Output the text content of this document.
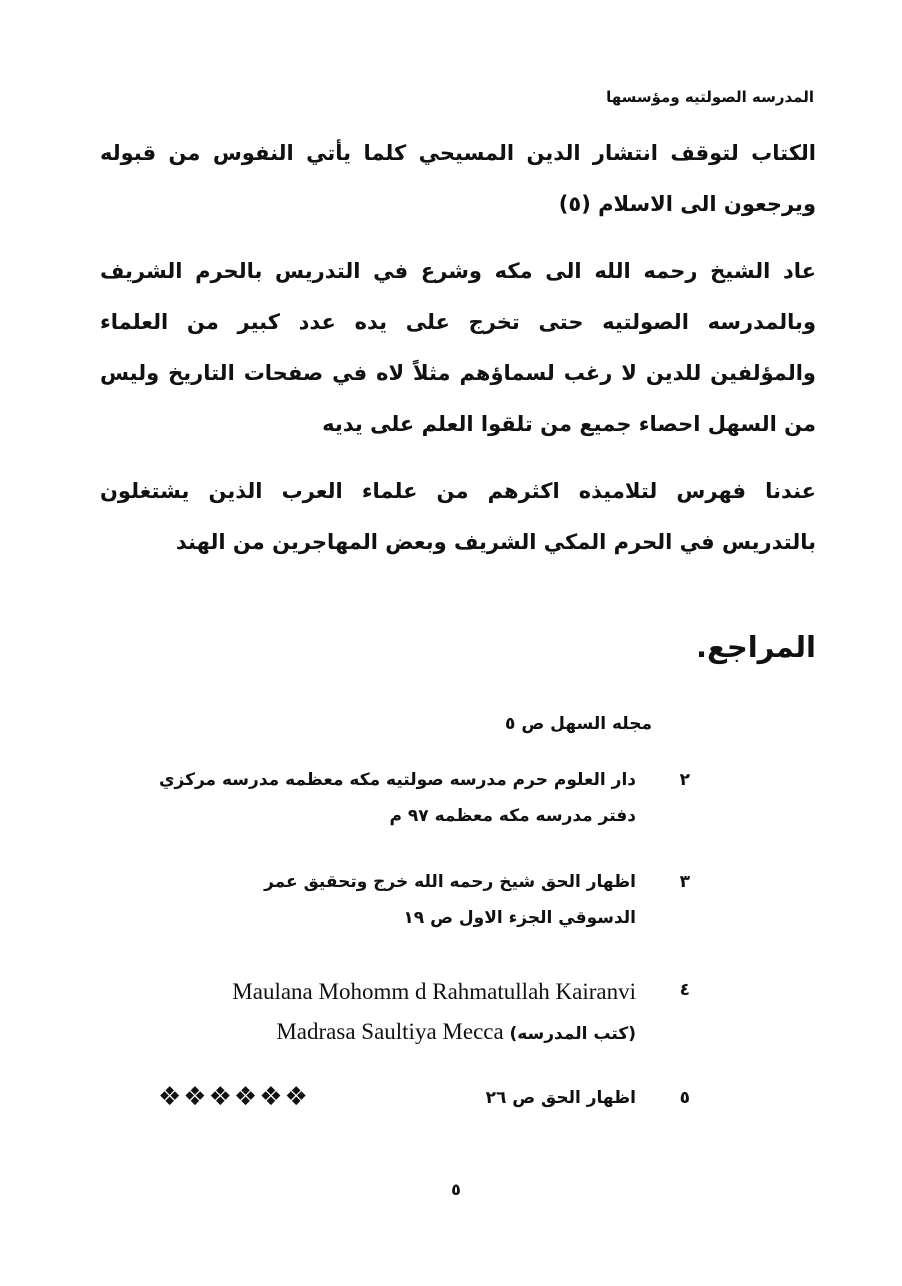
المدرسه الصولتيه ومؤسسها
الكتاب لتوقف انتشار الدين المسيحي كلما يأتي النفوس من قبوله ويرجعون الى الاسلام (٥)
عاد الشيخ رحمه الله الى مكه وشرع في التدريس بالحرم الشريف وبالمدرسه الصولتيه حتى تخرج على يده عدد كبير من العلماء والمؤلفين للدين لا رغب لسماؤهم مثلاً لاه في صفحات التاريخ وليس من السهل احصاء جميع من تلقوا العلم على يديه
عندنا فهرس لتلاميذه اكثرهم من علماء العرب الذين يشتغلون بالتدريس في الحرم المكي الشريف وبعض المهاجرين من الهند
المراجع.
مجله السهل ص ٥
٢
دار العلوم حرم مدرسه صولتيه مكه معظمه مدرسه مركزي
دفتر مدرسه مكه معظمه ٩٧ م
٣
اظهار الحق شيخ رحمه الله خرج وتحقيق عمر
الدسوقي الجزء الاول ص ١٩
٤
Maulana Mohomm d Rahmatullah Kairanvi
Madrasa Saultiya Mecca (كتب المدرسه)
٥
اظهار الحق ص ٢٦
❖❖❖❖❖❖
٥
